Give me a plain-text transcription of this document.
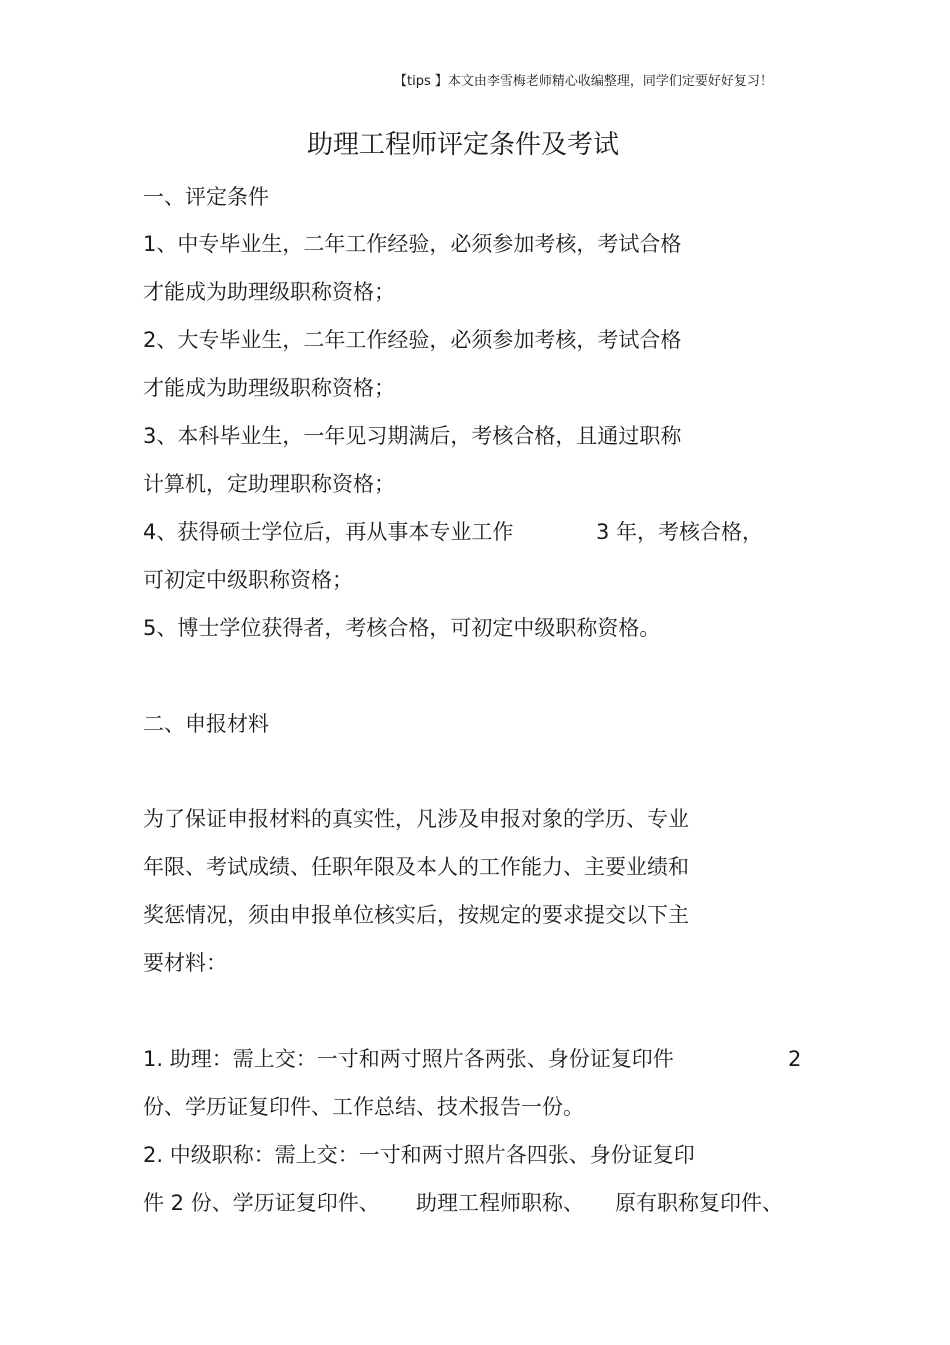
【tips 】本文由李雪梅老师精心收编整理，同学们定要好好复习！
助理工程师评定条件及考试
一、评定条件
1、中专毕业生，二年工作经验，必须参加考核，考试合格
才能成为助理级职称资格；
2、大专毕业生，二年工作经验，必须参加考核，考试合格
才能成为助理级职称资格；
3、本科毕业生，一年见习期满后，考核合格，且通过职称
计算机，定助理职称资格；
4、获得硕士学位后，再从事本专业工作	3 年，考核合格，
可初定中级职称资格；
5、博士学位获得者，考核合格，可初定中级职称资格。
二、申报材料
为了保证申报材料的真实性，凡涉及申报对象的学历、专业
年限、考试成绩、任职年限及本人的工作能力、主要业绩和
奖惩情况，须由申报单位核实后，按规定的要求提交以下主
要材料：
1. 助理：需上交：一寸和两寸照片各两张、身份证复印件	2
份、学历证复印件、工作总结、技术报告一份。
2. 中级职称：需上交：一寸和两寸照片各四张、身份证复印
件 2 份、学历证复印件、 助理工程师职称、 原有职称复印件、
